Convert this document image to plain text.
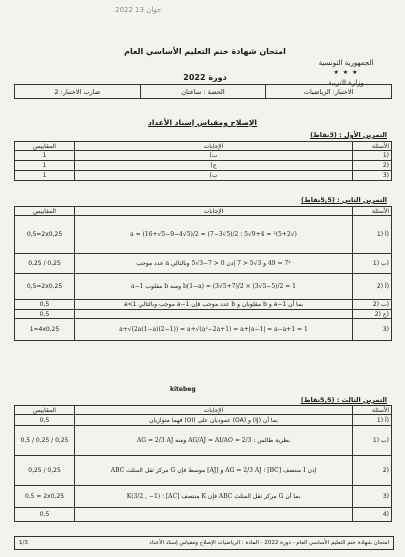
2022 جوان 13
الجمهورية التونسية
★ ★ ★
وزارة التربية
امتحان شهادة ختم التعليم الأساسي العام
دورة 2022
الاختبار: الرياضيات
الحصة : ساعتان
ضارب الاختبار: 2
الإصلاح ومقياس إسناد الأعداد
التمرين الأول : (3نقاط)
المقاييس	الإجابات	الأسئلة
1	ب)	1)
1	ج)	2)
1	ب)	3)
التمرين الثاني : (5,5نقاط)
المقاييس	الإجابات	الأسئلة
0,5=2x0,25	(√5+2)² = 9+4√5 ؛ a = (16+√5−9−4√5)/2 = (7−3√5)/2	1) أ)
0,25 / 0,25	7² = 49 و 3√5 < 7 إذن 0 < 7−3√5 وبالتالي a عدد موجب	1) ب)
0,5=2x0,25	b(1−a) = (3√5+7)/2 × (3√5−5)/2 = 1 ومنه b مقلوب 1−a	2) أ)
0,5	بما أن 1−a و b مقلوبان و b عدد موجب فإن 1−a موجب وبالتالي a<1	2) ب)
0,5		2) ج)
1=4x0,25	a+√(2a(1−a)(2−1)) = a+√(a²−2a+1) = a+|a−1| = a−a+1 = 1	3)
kitebeg
التمرين الثالث : (5,5نقاط)
المقاييس	الإجابات	الأسئلة
0,5	بما أن (IJ) و (OA) عموديان على (OI) فهما متوازيان	1) أ)
0,5 / 0,25 / 0,25	نظرية طالس : AG/AJ = AI/AO = 2/3 ومنه AG = 2/3 AJ	1) ب)
0,25 / 0,25	إذن I منتصف [BC] ؛ AG = 2/3 AJ و [AJ] موسط فإن G مركز ثقل المثلث ABC	2)
0,5 = 2x0,25	بما أن G مركز ثقل المثلث ABC فإن K منتصف [AC] ؛ K(3/2 , −1)	3)
0,5		4)
1/3	امتحان شهادة ختم التعليم الأساسي العام - دورة 2022 - المادة : الرياضيات الإصلاح ومقياس إسناد الأعداد
